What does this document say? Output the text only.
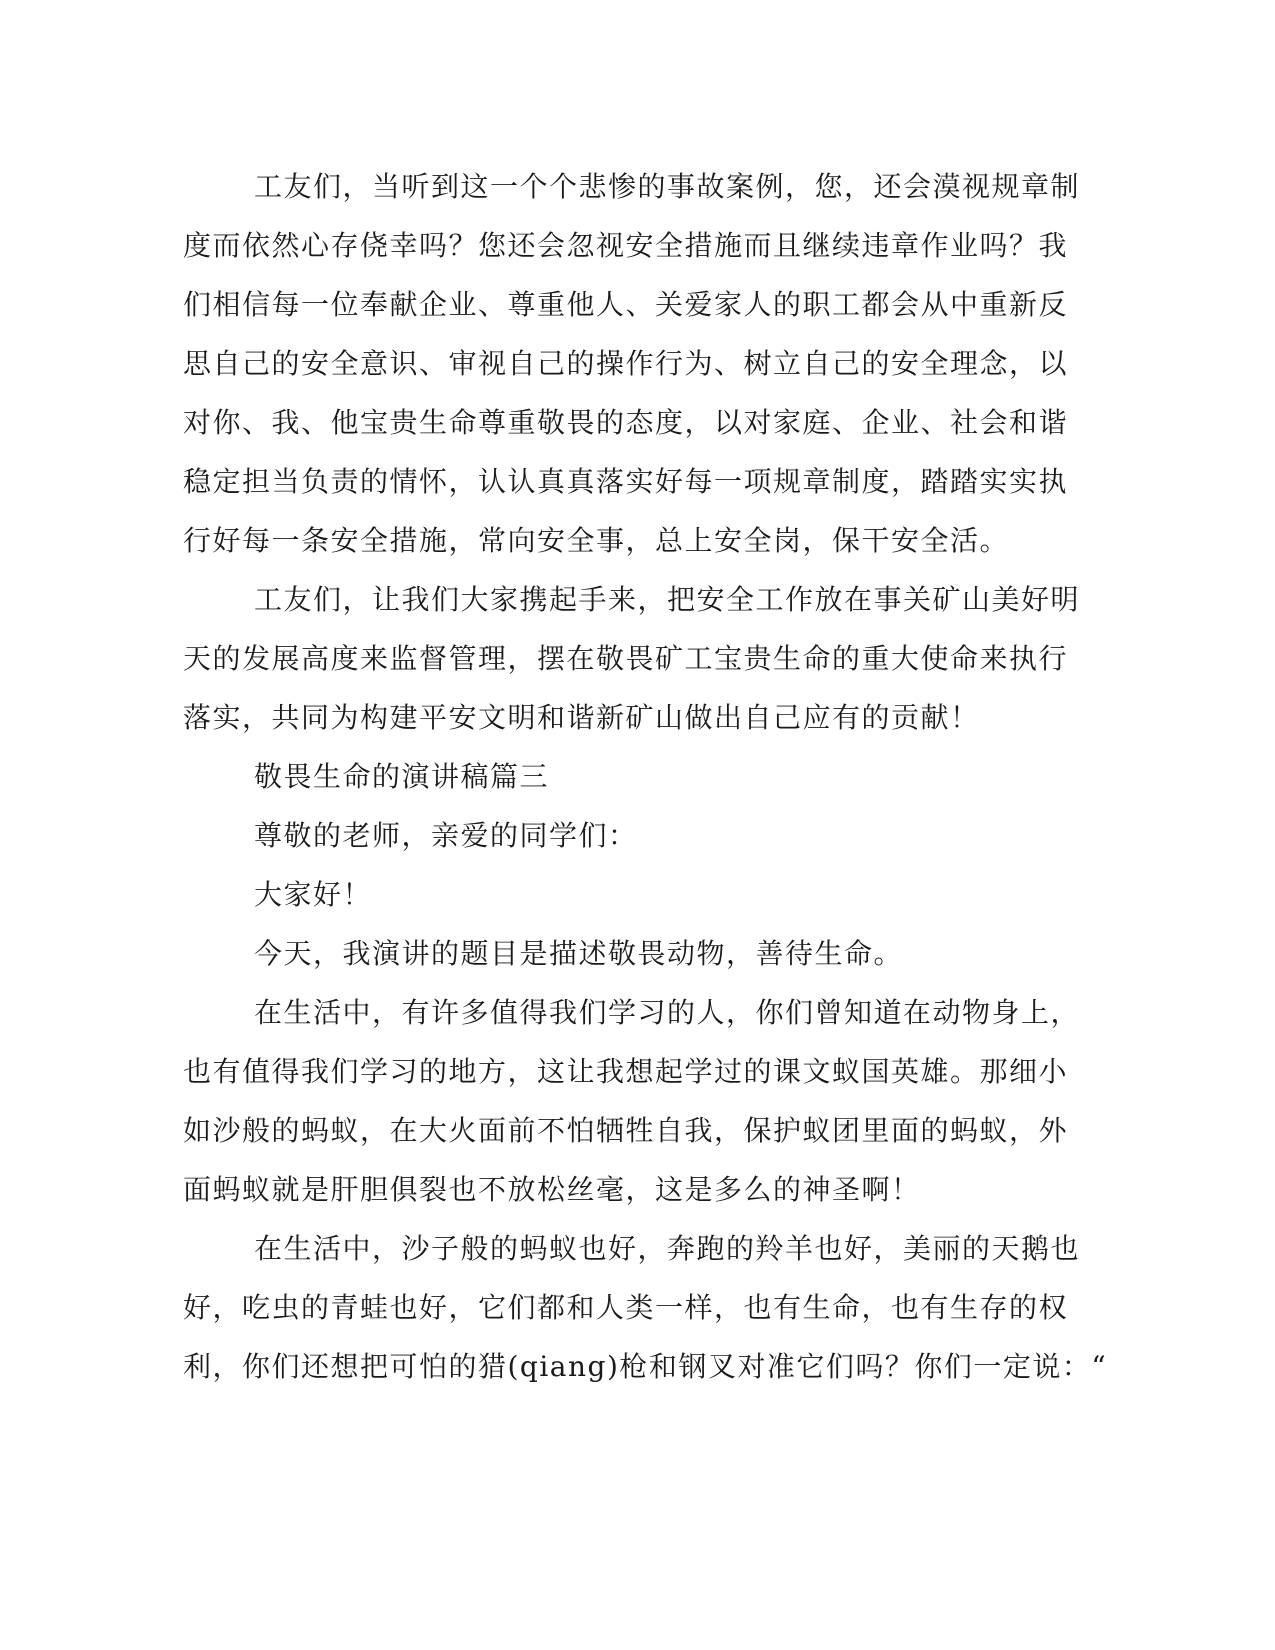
工友们，当听到这一个个悲惨的事故案例，您，还会漠视规章制
度而依然心存侥幸吗？您还会忽视安全措施而且继续违章作业吗？我
们相信每一位奉献企业、尊重他人、关爱家人的职工都会从中重新反
思自己的安全意识、审视自己的操作行为、树立自己的安全理念，以
对你、我、他宝贵生命尊重敬畏的态度，以对家庭、企业、社会和谐
稳定担当负责的情怀，认认真真落实好每一项规章制度，踏踏实实执
行好每一条安全措施，常向安全事，总上安全岗，保干安全活。
工友们，让我们大家携起手来，把安全工作放在事关矿山美好明
天的发展高度来监督管理，摆在敬畏矿工宝贵生命的重大使命来执行
落实，共同为构建平安文明和谐新矿山做出自己应有的贡献！
敬畏生命的演讲稿篇三
尊敬的老师，亲爱的同学们：
大家好！
今天，我演讲的题目是描述敬畏动物，善待生命。
在生活中，有许多值得我们学习的人，你们曾知道在动物身上，
也有值得我们学习的地方，这让我想起学过的课文蚁国英雄。那细小
如沙般的蚂蚁，在大火面前不怕牺牲自我，保护蚁团里面的蚂蚁，外
面蚂蚁就是肝胆俱裂也不放松丝毫，这是多么的神圣啊！
在生活中，沙子般的蚂蚁也好，奔跑的羚羊也好，美丽的天鹅也
好，吃虫的青蛙也好，它们都和人类一样，也有生命，也有生存的权
利，你们还想把可怕的猎(qiang)枪和钢叉对准它们吗？你们一定说：“
